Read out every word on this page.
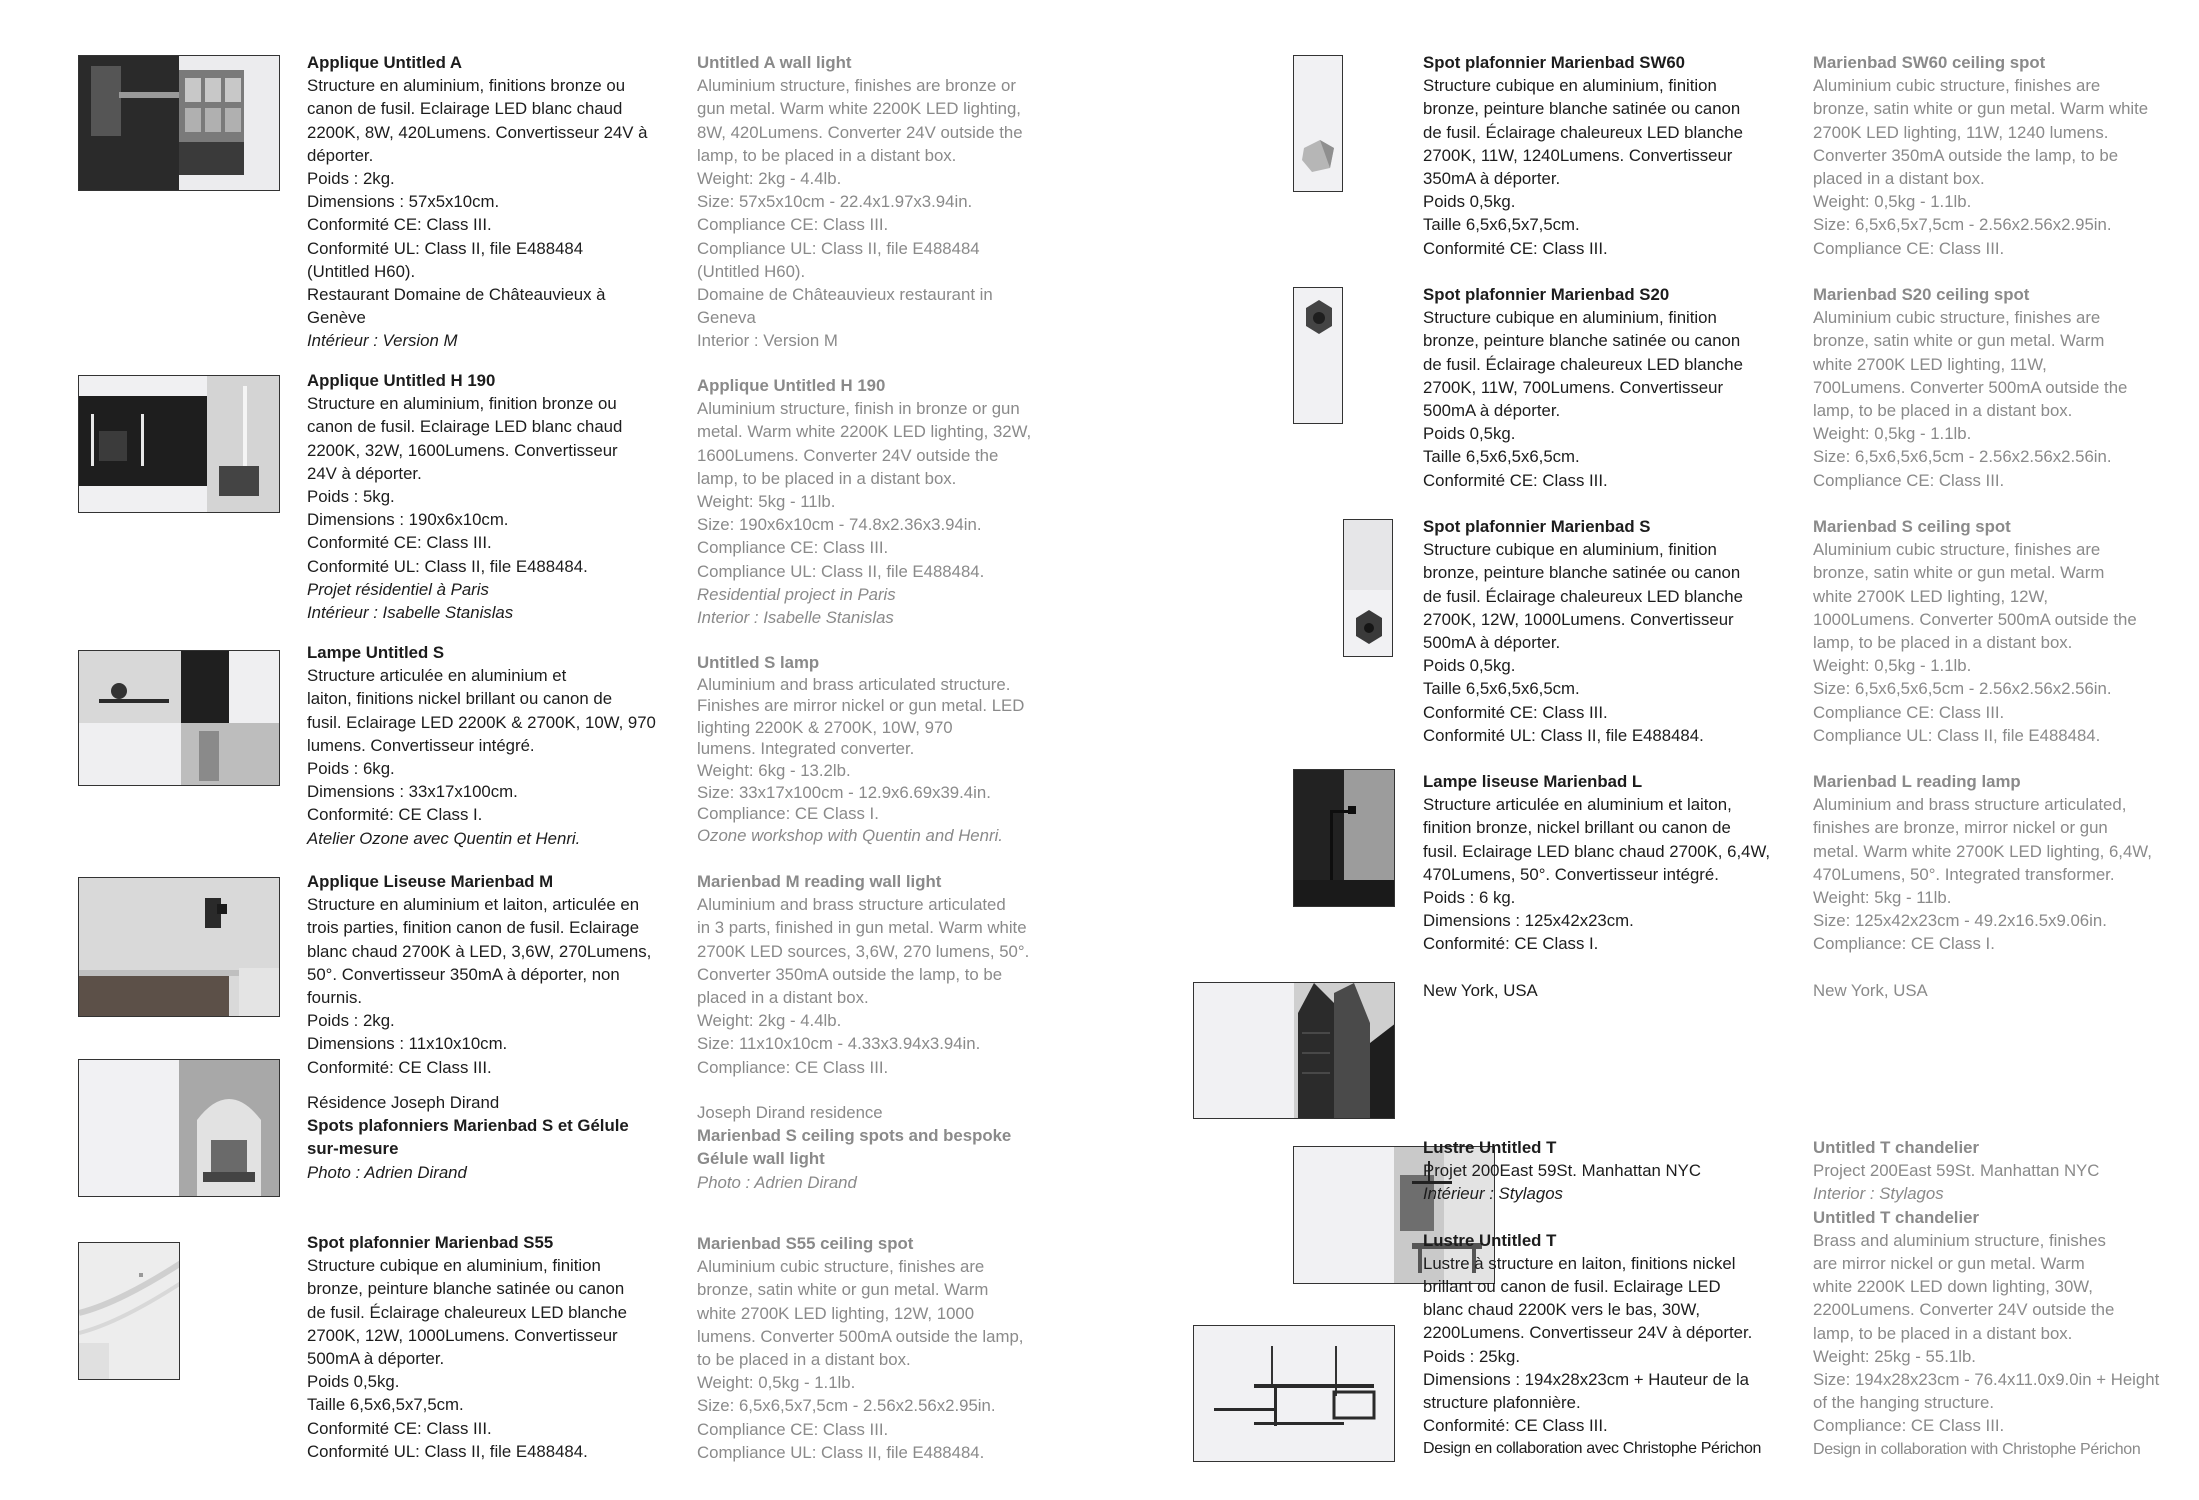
Applique Untitled A

Structure en aluminium, finitions bronze ou

canon de fusil. Eclairage LED blanc chaud

2200K, 8W, 420Lumens. Convertisseur 24V à

déporter.

Poids : 2kg.

Dimensions : 57x5x10cm.

Conformité CE: Class III.

Conformité UL: Class II, file E488484

(Untitled H60).

Restaurant Domaine de Châteauvieux à

Genève

Intérieur : Version M

Applique Untitled H 190

Structure en aluminium, finition bronze ou

canon de fusil. Eclairage LED blanc chaud

2200K, 32W, 1600Lumens. Convertisseur

24V à déporter.

Poids : 5kg.

Dimensions : 190x6x10cm.

Conformité CE: Class III.

Conformité UL: Class II, file E488484.

Projet résidentiel à Paris

Intérieur : Isabelle Stanislas

Lampe Untitled S

Structure articulée en aluminium et

laiton, finitions nickel brillant ou canon de

fusil. Eclairage LED 2200K & 2700K, 10W, 970

lumens. Convertisseur intégré.

Poids : 6kg.

Dimensions : 33x17x100cm.

Conformité: CE Class I.

Atelier Ozone avec Quentin et Henri.

Applique Liseuse Marienbad M

Structure en aluminium et laiton, articulée en

trois parties, finition canon de fusil. Eclairage

blanc chaud 2700K à LED, 3,6W, 270Lumens,

50°. Convertisseur 350mA à déporter, non

fournis.

Poids : 2kg.

Dimensions : 11x10x10cm.

Conformité: CE Class III.

Résidence Joseph Dirand

Spots plafonniers Marienbad S et Gélule

sur-mesure

Photo : Adrien Dirand

Spot plafonnier Marienbad S55

Structure cubique en aluminium, finition

bronze, peinture blanche satinée ou canon

de fusil. Éclairage chaleureux LED blanche

2700K, 12W, 1000Lumens. Convertisseur

500mA à déporter.

Poids 0,5kg.

Taille 6,5x6,5x7,5cm.

Conformité CE: Class III.

Conformité UL: Class II, file E488484.

Untitled A wall light

Aluminium structure, finishes are bronze or

gun metal. Warm white 2200K LED lighting,

8W, 420Lumens. Converter 24V outside the

lamp, to be placed in a distant box.

Weight: 2kg - 4.4lb.

Size: 57x5x10cm - 22.4x1.97x3.94in.

Compliance CE: Class III.

Compliance UL: Class II, file E488484

(Untitled H60).

Domaine de Châteauvieux restaurant in

Geneva

Interior : Version M

Applique Untitled H 190

Aluminium structure, finish in bronze or gun

metal. Warm white 2200K LED lighting, 32W,

1600Lumens. Converter 24V outside the

lamp, to be placed in a distant box.

Weight: 5kg - 11lb.

Size: 190x6x10cm - 74.8x2.36x3.94in.

Compliance CE: Class III.

Compliance UL: Class II, file E488484.

Residential project in Paris

Interior : Isabelle Stanislas

Untitled S lamp

Aluminium and brass articulated structure.

Finishes are mirror nickel or gun metal. LED

lighting 2200K & 2700K, 10W, 970

lumens. Integrated converter.

Weight: 6kg - 13.2lb.

Size: 33x17x100cm - 12.9x6.69x39.4in.

Compliance: CE Class I.

Ozone workshop with Quentin and Henri.

Marienbad M reading wall light

Aluminium and brass structure articulated

in 3 parts, finished in gun metal. Warm white

2700K LED sources, 3,6W, 270 lumens, 50°.

Converter 350mA outside the lamp, to be

placed in a distant box.

Weight: 2kg - 4.4lb.

Size: 11x10x10cm - 4.33x3.94x3.94in.

Compliance: CE Class III.

Joseph Dirand residence

Marienbad S ceiling spots and bespoke

Gélule wall light

Photo : Adrien Dirand

Marienbad S55 ceiling spot

Aluminium cubic structure, finishes are

bronze, satin white or gun metal. Warm

white 2700K LED lighting, 12W, 1000

lumens. Converter 500mA outside the lamp,

to be placed in a distant box.

Weight: 0,5kg - 1.1lb.

Size: 6,5x6,5x7,5cm - 2.56x2.56x2.95in.

Compliance CE: Class III.

Compliance UL: Class II, file E488484.

Spot plafonnier Marienbad SW60

Structure cubique en aluminium, finition

bronze, peinture blanche satinée ou canon

de fusil. Éclairage chaleureux LED blanche

2700K, 11W, 1240Lumens. Convertisseur

350mA à déporter.

Poids 0,5kg.

Taille 6,5x6,5x7,5cm.

Conformité CE: Class III.

Spot plafonnier Marienbad S20

Structure cubique en aluminium, finition

bronze, peinture blanche satinée ou canon

de fusil. Éclairage chaleureux LED blanche

2700K, 11W, 700Lumens. Convertisseur

500mA à déporter.

Poids 0,5kg.

Taille 6,5x6,5x6,5cm.

Conformité CE: Class III.

Spot plafonnier Marienbad S

Structure cubique en aluminium, finition

bronze, peinture blanche satinée ou canon

de fusil. Éclairage chaleureux LED blanche

2700K, 12W, 1000Lumens. Convertisseur

500mA à déporter.

Poids 0,5kg.

Taille 6,5x6,5x6,5cm.

Conformité CE: Class III.

Conformité UL: Class II, file E488484.

Lampe liseuse Marienbad L

Structure articulée en aluminium et laiton,

finition bronze, nickel brillant ou canon de

fusil. Eclairage LED blanc chaud 2700K, 6,4W,

470Lumens, 50°. Convertisseur intégré.

Poids : 6 kg.

Dimensions : 125x42x23cm.

Conformité: CE Class I.

New York, USA

Lustre Untitled T

Projet 200East 59St. Manhattan NYC

Intérieur : Stylagos

Lustre Untitled T

Lustre à structure en laiton, finitions nickel

brillant ou canon de fusil. Eclairage LED

blanc chaud 2200K vers le bas, 30W,

2200Lumens. Convertisseur 24V à déporter.

Poids : 25kg.

Dimensions : 194x28x23cm + Hauteur de la

structure plafonnière.

Conformité: CE Class III.

Design en collaboration avec Christophe Périchon

Marienbad SW60 ceiling spot

Aluminium cubic structure, finishes are

bronze, satin white or gun metal. Warm white

2700K LED lighting, 11W, 1240 lumens.

Converter 350mA outside the lamp, to be

placed in a distant box.

Weight: 0,5kg - 1.1lb.

Size: 6,5x6,5x7,5cm - 2.56x2.56x2.95in.

Compliance CE: Class III.

Marienbad S20 ceiling spot

Aluminium cubic structure, finishes are

bronze, satin white or gun metal. Warm

white 2700K LED lighting, 11W,

700Lumens. Converter 500mA outside the

lamp, to be placed in a distant box.

Weight: 0,5kg - 1.1lb.

Size: 6,5x6,5x6,5cm - 2.56x2.56x2.56in.

Compliance CE: Class III.

Marienbad S ceiling spot

Aluminium cubic structure, finishes are

bronze, satin white or gun metal. Warm

white 2700K LED lighting, 12W,

1000Lumens. Converter 500mA outside the

lamp, to be placed in a distant box.

Weight: 0,5kg - 1.1lb.

Size: 6,5x6,5x6,5cm - 2.56x2.56x2.56in.

Compliance CE: Class III.

Compliance UL: Class II, file E488484.

Marienbad L reading lamp

Aluminium and brass structure articulated,

finishes are bronze, mirror nickel or gun

metal. Warm white 2700K LED lighting, 6,4W,

470Lumens, 50°. Integrated transformer.

Weight: 5kg - 11lb.

Size: 125x42x23cm - 49.2x16.5x9.06in.

Compliance: CE Class I.

New York, USA

Untitled T chandelier

Project 200East 59St. Manhattan NYC

Interior : Stylagos

Untitled T chandelier

Brass and aluminium structure, finishes

are mirror nickel or gun metal. Warm

white 2200K LED down lighting, 30W,

2200Lumens. Converter 24V outside the

lamp, to be placed in a distant box.

Weight: 25kg - 55.1lb.

Size: 194x28x23cm - 76.4x11.0x9.0in + Height

of the hanging structure.

Compliance: CE Class III.

Design in collaboration with Christophe Périchon
